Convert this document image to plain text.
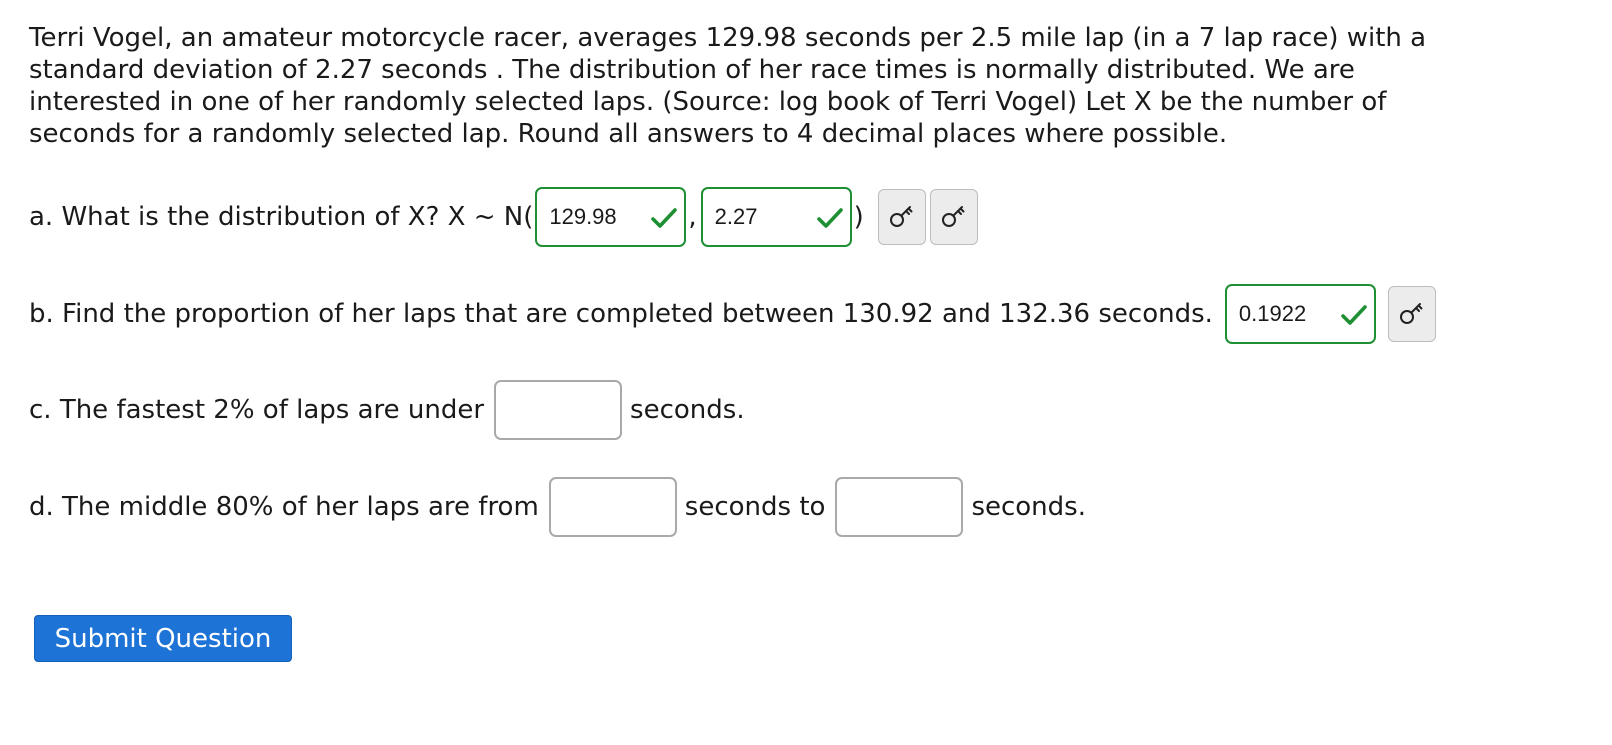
Terri Vogel, an amateur motorcycle racer, averages 129.98 seconds per 2.5 mile lap (in a 7 lap race) with a standard deviation of 2.27 seconds . The distribution of her race times is normally distributed. We are interested in one of her randomly selected laps. (Source: log book of Terri Vogel) Let X be the number of seconds for a randomly selected lap. Round all answers to 4 decimal places where possible.

a. What is the distribution of X? X ~ N( 129.98	, 2.27	)
b. Find the proportion of her laps that are completed between 130.92 and 132.36 seconds. 0.1922
c. The fastest 2% of laps are under	seconds.
d. The middle 80% of her laps are from	seconds to	seconds.
Submit Question
